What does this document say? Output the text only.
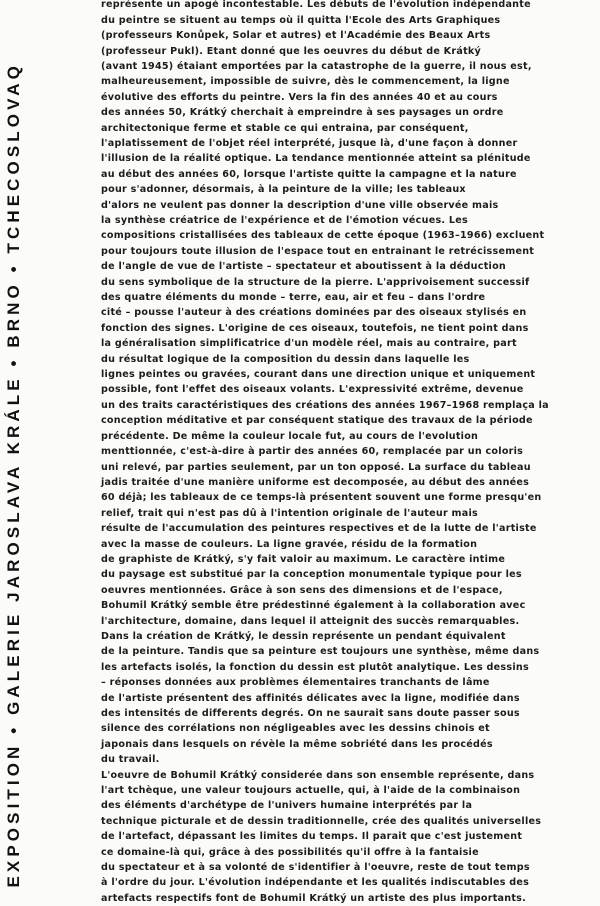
EXPOSITION • GALERIE JAROSLAVA KRÁLE • BRNO • TCHECOSLOVAQ
représente un apogé incontestable. Les débuts de l'évolution indépendante
du peintre se situent au temps où il quitta l'Ecole des Arts Graphiques
(professeurs Konůpek, Solar et autres) et l'Académie des Beaux Arts
(professeur Pukl). Etant donné que les oeuvres du début de Krátký
(avant 1945) étaiant emportées par la catastrophe de la guerre, il nous est,
malheureusement, impossible de suivre, dès le commencement, la ligne
évolutive des efforts du peintre. Vers la fin des années 40 et au cours
des années 50, Krátký cherchait à empreindre à ses paysages un ordre
architectonique ferme et stable ce qui entraina, par conséquent,
l'aplatissement de l'objet réel interprété, jusque là, d'une façon à donner
l'illusion de la réalité optique. La tendance mentionnée atteint sa plénitude
au début des années 60, lorsque l'artiste quitte la campagne et la nature
pour s'adonner, désormais, à la peinture de la ville; les tableaux
d'alors ne veulent pas donner la description d'une ville observée mais
la synthèse créatrice de l'expérience et de l'émotion vécues. Les
compositions cristallisées des tableaux de cette époque (1963–1966) excluent
pour toujours toute illusion de l'espace tout en entrainant le retrécissement
de l'angle de vue de l'artiste – spectateur et aboutissent à la déduction
du sens symbolique de la structure de la pierre. L'apprivoisement successif
des quatre éléments du monde – terre, eau, air et feu – dans l'ordre
cité – pousse l'auteur à des créations dominées par des oiseaux stylisés en
fonction des signes. L'origine de ces oiseaux, toutefois, ne tient point dans
la généralisation simplificatrice d'un modèle réel, mais au contraire, part
du résultat logique de la composition du dessin dans laquelle les
lignes peintes ou gravées, courant dans une direction unique et uniquement
possible, font l'effet des oiseaux volants. L'expressivité extrême, devenue
un des traits caractéristiques des créations des années 1967–1968 remplaça la
conception méditative et par conséquent statique des travaux de la période
précédente. De même la couleur locale fut, au cours de l'evolution
menttionnée, c'est-à-dire à partir des années 60, remplacée par un coloris
uni relevé, par parties seulement, par un ton opposé. La surface du tableau
jadis traitée d'une manière uniforme est decomposée, au début des années
60 déjà; les tableaux de ce temps-là présentent souvent une forme presqu'en
relief, trait qui n'est pas dû à l'intention originale de l'auteur mais
résulte de l'accumulation des peintures respectives et de la lutte de l'artiste
avec la masse de couleurs. La ligne gravée, résidu de la formation
de graphiste de Krátký, s'y fait valoir au maximum. Le caractère intime
du paysage est substitué par la conception monumentale typique pour les
oeuvres mentionnées. Grâce à son sens des dimensions et de l'espace,
Bohumil Krátký semble être prédestinné également à la collaboration avec
l'architecture, domaine, dans lequel il atteignit des succès remarquables.
Dans la création de Krátký, le dessin représente un pendant équivalent
de la peinture. Tandis que sa peinture est toujours une synthèse, même dans
les artefacts isolés, la fonction du dessin est plutôt analytique. Les dessins
– réponses données aux problèmes élementaires tranchants de lâme
de l'artiste présentent des affinités délicates avec la ligne, modifiée dans
des intensités de differents degrés. On ne saurait sans doute passer sous
silence des corrélations non négligeables avec les dessins chinois et
japonais dans lesquels on révèle la même sobriété dans les procédés
du travail.
L'oeuvre de Bohumil Krátký considerée dans son ensemble représente, dans
l'art tchèque, une valeur toujours actuelle, qui, à l'aide de la combinaison
des éléments d'archétype de l'univers humaine interprétés par la
technique picturale et de dessin traditionnelle, crée des qualités universelles
de l'artefact, dépassant les limites du temps. Il parait que c'est justement
ce domaine-là qui, grâce à des possibilités qu'il offre à la fantaisie
du spectateur et à sa volonté de s'identifier à l'oeuvre, reste de tout temps
à l'ordre du jour. L'évolution indépendante et les qualités indiscutables des
artefacts respectifs font de Bohumil Krátký un artiste des plus importants.
